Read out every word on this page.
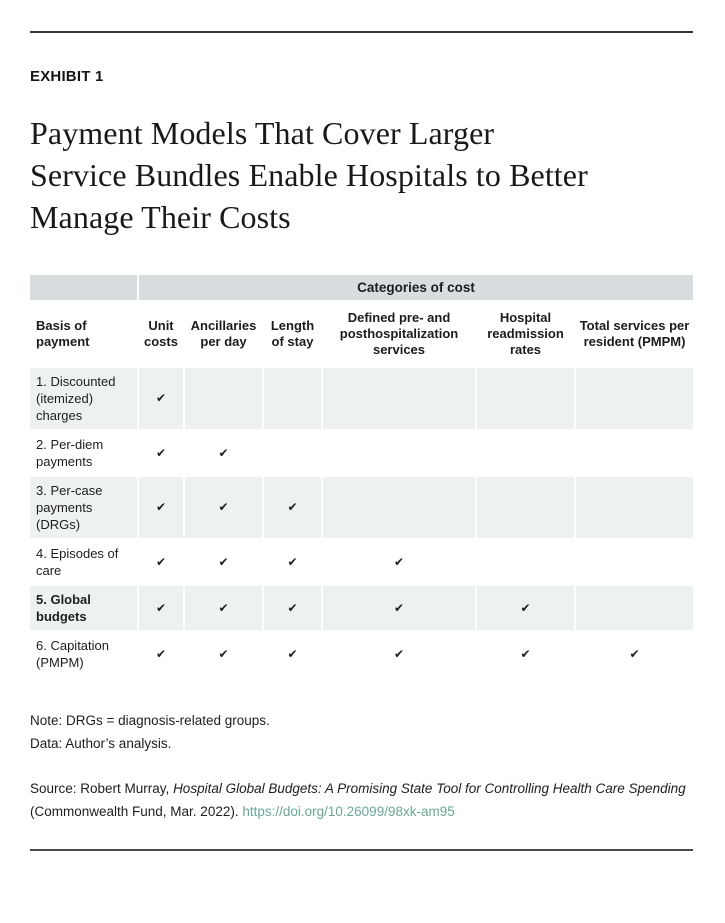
EXHIBIT 1
Payment Models That Cover Larger
Service Bundles Enable Hospitals to Better
Manage Their Costs
	Categories of cost					
Basis of payment	Unit costs	Ancillaries per day	Length of stay	Defined pre- and posthospitalization services	Hospital readmission rates	Total services per resident (PMPM)
1. Discounted (itemized) charges	✔					
2. Per-diem payments	✔	✔				
3. Per-case payments (DRGs)	✔	✔	✔			
4. Episodes of care	✔	✔	✔	✔		
5. Global budgets	✔	✔	✔	✔	✔	
6. Capitation (PMPM)	✔	✔	✔	✔	✔	✔

Note: DRGs = diagnosis-related groups.

Data: Author’s analysis.

Source: Robert Murray, Hospital Global Budgets: A Promising State Tool for Controlling Health Care Spending (Commonwealth Fund, Mar. 2022). https://doi.org/10.26099/98xk-am95
